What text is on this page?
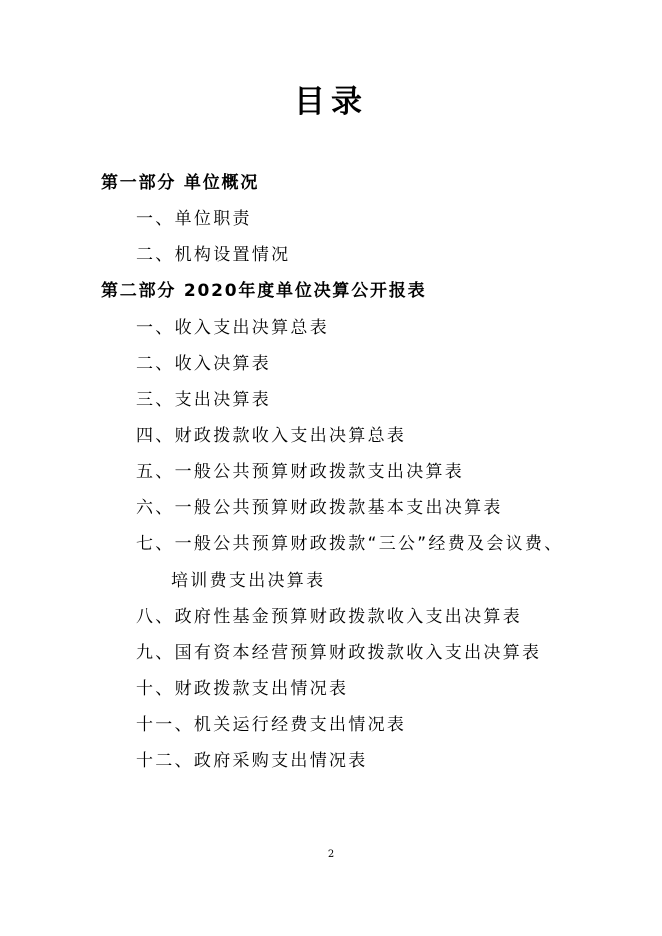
目录
第一部分 单位概况
一、单位职责
二、机构设置情况
第二部分 2020年度单位决算公开报表
一、收入支出决算总表
二、收入决算表
三、支出决算表
四、财政拨款收入支出决算总表
五、一般公共预算财政拨款支出决算表
六、一般公共预算财政拨款基本支出决算表
七、一般公共预算财政拨款“三公”经费及会议费、
培训费支出决算表
八、政府性基金预算财政拨款收入支出决算表
九、国有资本经营预算财政拨款收入支出决算表
十、财政拨款支出情况表
十一、机关运行经费支出情况表
十二、政府采购支出情况表
2
